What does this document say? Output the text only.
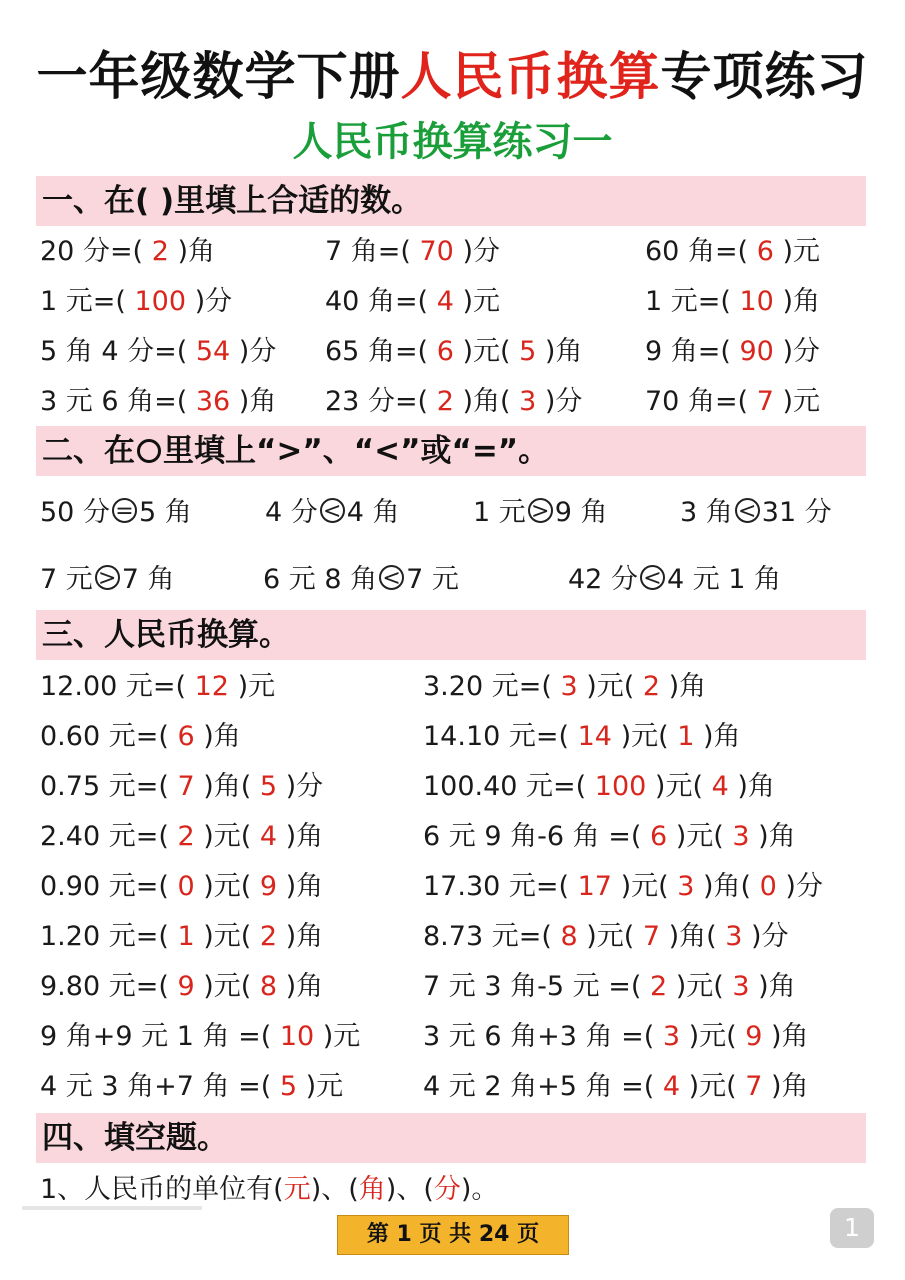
一年级数学下册人民币换算专项练习
人民币换算练习一
一、在( )里填上合适的数。
20 分=( 2 )角	7 角=( 70 )分	60 角=( 6 )元
1 元=( 100 )分	40 角=( 4 )元	1 元=( 10 )角
5 角 4 分=( 54 )分 65 角=( 6 )元( 5 )角 9 角=( 90 )分
3 元 6 角=( 36 )角 23 分=( 2 )角( 3 )分 70 角=( 7 )元
二、在 里填上“>”、“<”或“=”。
50 分 = 5 角	4 分 < 4 角	1 元 > 9 角	3 角 < 31 分
7 元 > 7 角	6 元 8 角 < 7 元	42 分 < 4 元 1 角
三、人民币换算。
12.00 元=( 12 )元	3.20 元=( 3 )元( 2 )角
0.60 元=( 6 )角	14.10 元=( 14 )元( 1 )角
0.75 元=( 7 )角( 5 )分	100.40 元=( 100 )元( 4 )角
2.40 元=( 2 )元( 4 )角	6 元 9 角-6 角 =( 6 )元( 3 )角
0.90 元=( 0 )元( 9 )角	17.30 元=( 17 )元( 3 )角( 0 )分
1.20 元=( 1 )元( 2 )角	8.73 元=( 8 )元( 7 )角( 3 )分
9.80 元=( 9 )元( 8 )角	7 元 3 角-5 元 =( 2 )元( 3 )角
9 角+9 元 1 角 =( 10 )元 3 元 6 角+3 角 =( 3 )元( 9 )角
4 元 3 角+7 角 =( 5 )元	4 元 2 角+5 角 =( 4 )元( 7 )角
四、填空题。
1、人民币的单位有(元)、(角)、(分)。
第 1 页 共 24 页	1
